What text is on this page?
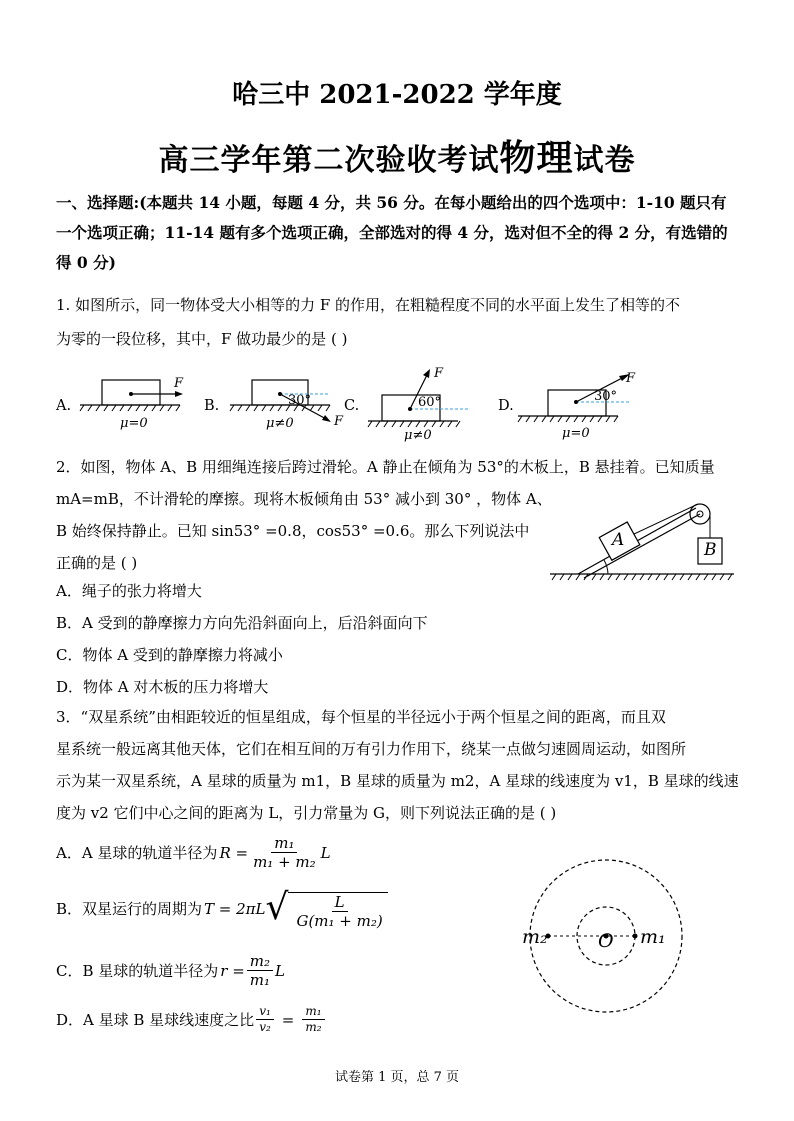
哈三中 2021-2022 学年度
高三学年第二次验收考试物理试卷
一、选择题:(本题共 14 小题，每题 4 分，共 56 分。在每小题给出的四个选项中：1-10 题只有
一个选项正确；11-14 题有多个选项正确，全部选对的得 4 分，选对但不全的得 2 分，有选错的
得 0 分)
1. 如图所示，同一物体受大小相等的力 F 的作用，在粗糙程度不同的水平面上发生了相等的不
为零的一段位移，其中，F 做功最少的是 ( )
A.
F
μ=0
B.	30°
F
μ≠0
C.	60°
F
μ≠0
D.
30°
F
μ=0
2．如图，物体 A、B 用细绳连接后跨过滑轮。A 静止在倾角为 53°的木板上，B 悬挂着。已知质量
mA=mB，不计滑轮的摩擦。现将木板倾角由 53° 减小到 30° ，物体 A、
B 始终保持静止。已知 sin53° =0.8，cos53° =0.6。那么下列说法中
正确的是 ( )
A	B
A．绳子的张力将增大
B．A 受到的静摩擦力方向先沿斜面向上，后沿斜面向下
C．物体 A 受到的静摩擦力将减小
D．物体 A 对木板的压力将增大
3．“双星系统”由相距较近的恒星组成，每个恒星的半径远小于两个恒星之间的距离，而且双
星系统一般远离其他天体，它们在相互间的万有引力作用下，绕某一点做匀速圆周运动，如图所
示为某一双星系统，A 星球的质量为 m1，B 星球的质量为 m2，A 星球的线速度为 v1，B 星球的线速
度为 v2 它们中心之间的距离为 L，引力常量为 G，则下列说法正确的是 ( )
A．A 星球的轨道半径为 $R = \frac{\text{m₁}}{\text{m₁ + m₂}}$ L
B．双星运行的周期为 T = 2πL √ $\frac{L}{\text{G(m₁ + m₂)}}$
C．B 星球的轨道半径为 $r = \frac{\text{m₂}}{\text{m₁}}$ L
D．A 星球 B 星球线速度之比 $\frac{\text{v₁}}{\text{v₂}} = \frac{\text{m₁}}{\text{m₂}}$
m₂	O m₁
试卷第 1 页，总 7 页
